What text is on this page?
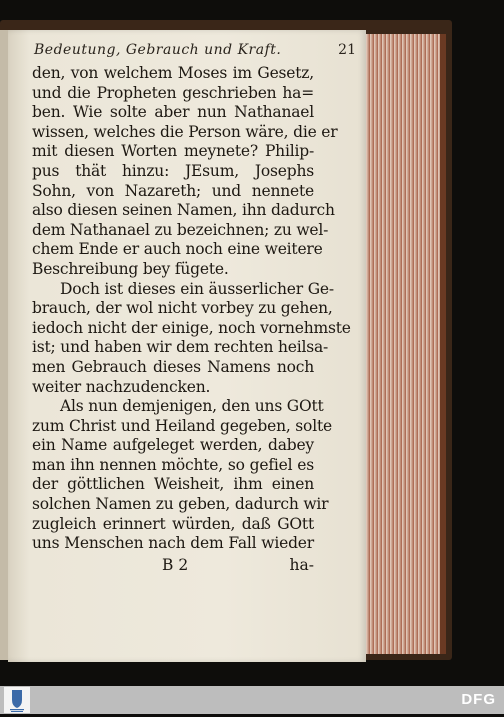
Bedeutung, Gebrauch und Kraft.	21
den, von welchem Moses im Gesetz,
und die Propheten geschrieben ha=
ben. Wie solte aber nun Nathanael
wissen, welches die Person wäre, die er
mit diesen Worten meynete? Philip-
pus thät hinzu: JEsum, Josephs
Sohn, von Nazareth; und nennete
also diesen seinen Namen, ihn dadurch
dem Nathanael zu bezeichnen; zu wel-
chem Ende er auch noch eine weitere
Beschreibung bey fügete.
Doch ist dieses ein äusserlicher Ge-
brauch, der wol nicht vorbey zu gehen,
iedoch nicht der einige, noch vornehmste
ist; und haben wir dem rechten heilsa-
men Gebrauch dieses Namens noch
weiter nachzudencken.
Als nun demjenigen, den uns GOtt
zum Christ und Heiland gegeben, solte
ein Name aufgeleget werden, dabey
man ihn nennen möchte, so gefiel es
der göttlichen Weisheit, ihm einen
solchen Namen zu geben, dadurch wir
zugleich erinnert würden, daß GOtt
uns Menschen nach dem Fall wieder
B 2	ha-
DFG
